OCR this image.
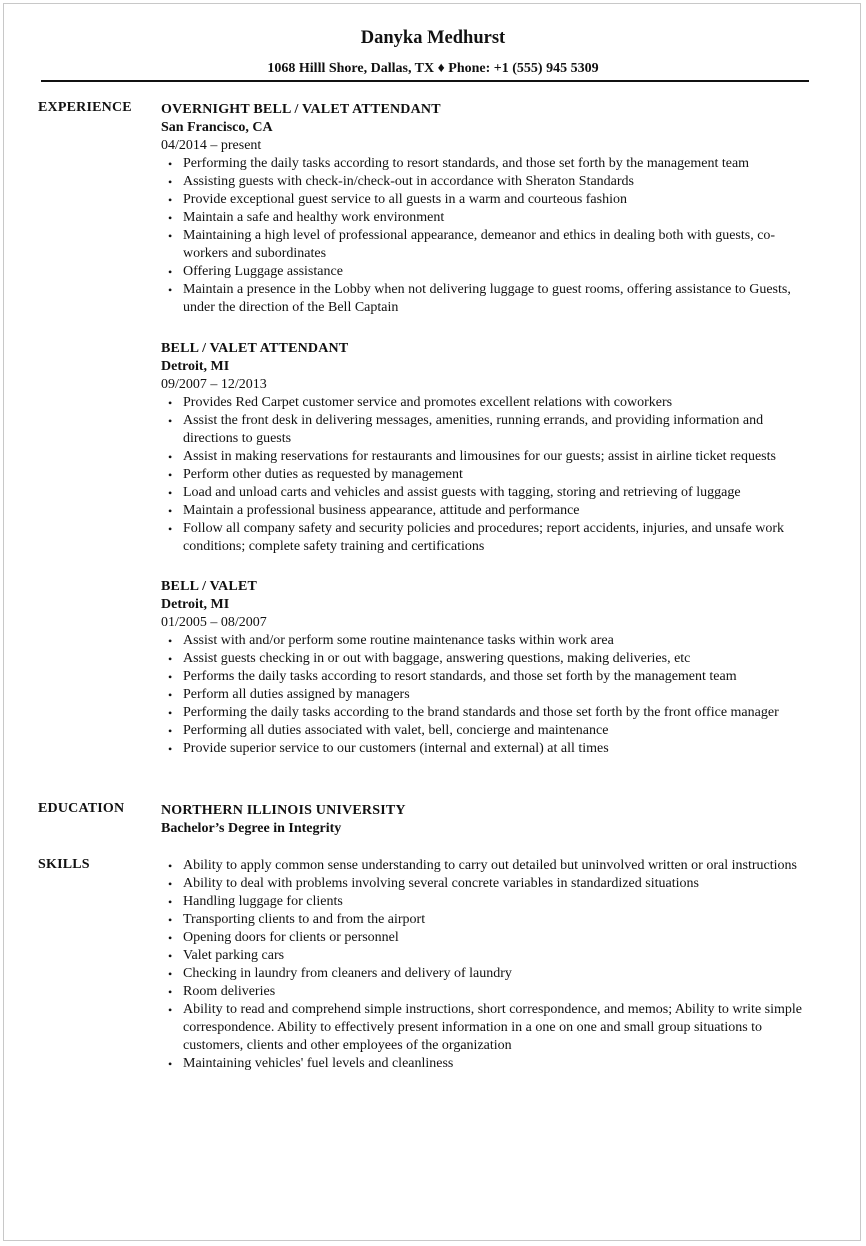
Danyka Medhurst
1068 Hilll Shore, Dallas, TX ♦ Phone: +1 (555) 945 5309
EXPERIENCE OVERNIGHT BELL / VALET ATTENDANT
San Francisco, CA
04/2014 – present
• Performing the daily tasks according to resort standards, and those set forth by the management team
• Assisting guests with check-in/check-out in accordance with Sheraton Standards
• Provide exceptional guest service to all guests in a warm and courteous fashion
• Maintain a safe and healthy work environment
• Maintaining a high level of professional appearance, demeanor and ethics in dealing both with guests, co-workers and subordinates
• Offering Luggage assistance
• Maintain a presence in the Lobby when not delivering luggage to guest rooms, offering assistance to Guests, under the direction of the Bell Captain
BELL / VALET ATTENDANT
Detroit, MI
09/2007 – 12/2013
• Provides Red Carpet customer service and promotes excellent relations with coworkers
• Assist the front desk in delivering messages, amenities, running errands, and providing information and directions to guests
• Assist in making reservations for restaurants and limousines for our guests; assist in airline ticket requests
• Perform other duties as requested by management
• Load and unload carts and vehicles and assist guests with tagging, storing and retrieving of luggage
• Maintain a professional business appearance, attitude and performance
• Follow all company safety and security policies and procedures; report accidents, injuries, and unsafe work conditions; complete safety training and certifications
BELL / VALET
Detroit, MI
01/2005 – 08/2007
• Assist with and/or perform some routine maintenance tasks within work area
• Assist guests checking in or out with baggage, answering questions, making deliveries, etc
• Performs the daily tasks according to resort standards, and those set forth by the management team
• Perform all duties assigned by managers
• Performing the daily tasks according to the brand standards and those set forth by the front office manager
• Performing all duties associated with valet, bell, concierge and maintenance
• Provide superior service to our customers (internal and external) at all times
EDUCATION	NORTHERN ILLINOIS UNIVERSITY
Bachelor’s Degree in Integrity
SKILLS
•	Ability to apply common sense understanding to carry out detailed but uninvolved written or oral instructions
• Ability to deal with problems involving several concrete variables in standardized situations
• Handling luggage for clients
• Transporting clients to and from the airport
• Opening doors for clients or personnel
• Valet parking cars
• Checking in laundry from cleaners and delivery of laundry
• Room deliveries
• Ability to read and comprehend simple instructions, short correspondence, and memos; Ability to write simple correspondence. Ability to effectively present information in a one on one and small group situations to customers, clients and other employees of the organization
• Maintaining vehicles' fuel levels and cleanliness
